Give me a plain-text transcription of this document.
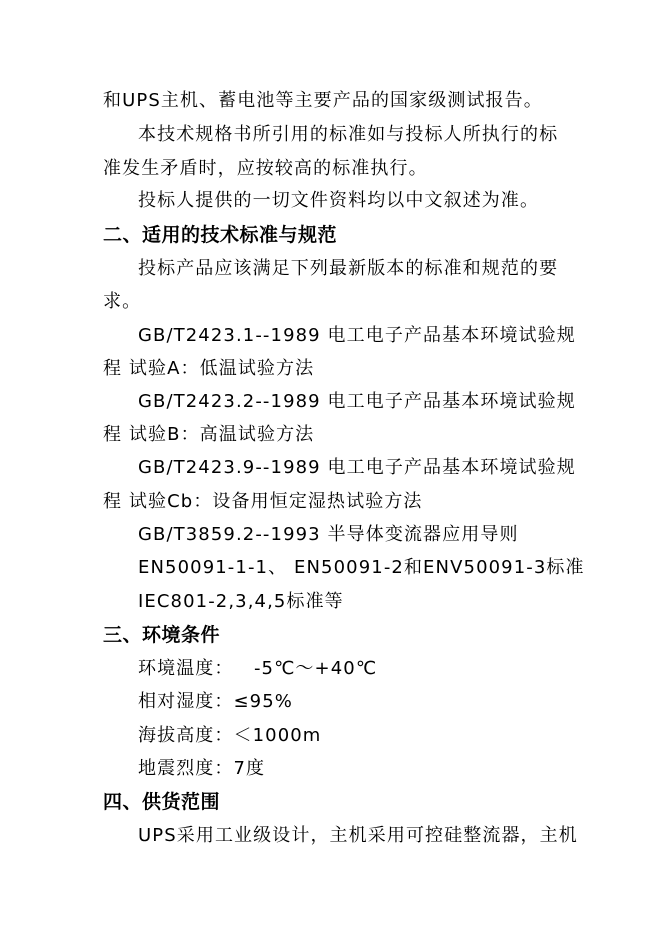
和UPS主机、蓄电池等主要产品的国家级测试报告。
本技术规格书所引用的标准如与投标人所执行的标
准发生矛盾时，应按较高的标准执行。
投标人提供的一切文件资料均以中文叙述为准。
二、适用的技术标准与规范
投标产品应该满足下列最新版本的标准和规范的要
求。
GB/T2423.1--1989 电工电子产品基本环境试验规
程 试验A：低温试验方法
GB/T2423.2--1989 电工电子产品基本环境试验规
程 试验B：高温试验方法
GB/T2423.9--1989 电工电子产品基本环境试验规
程 试验Cb：设备用恒定湿热试验方法
GB/T3859.2--1993 半导体变流器应用导则
EN50091-1-1、 EN50091-2和ENV50091-3标准
IEC801-2,3,4,5标准等
三、环境条件
环境温度：   -5℃～+40℃
相对湿度：≤95%
海拔高度：＜1000m
地震烈度：7度
四、供货范围
UPS采用工业级设计，主机采用可控硅整流器，主机
